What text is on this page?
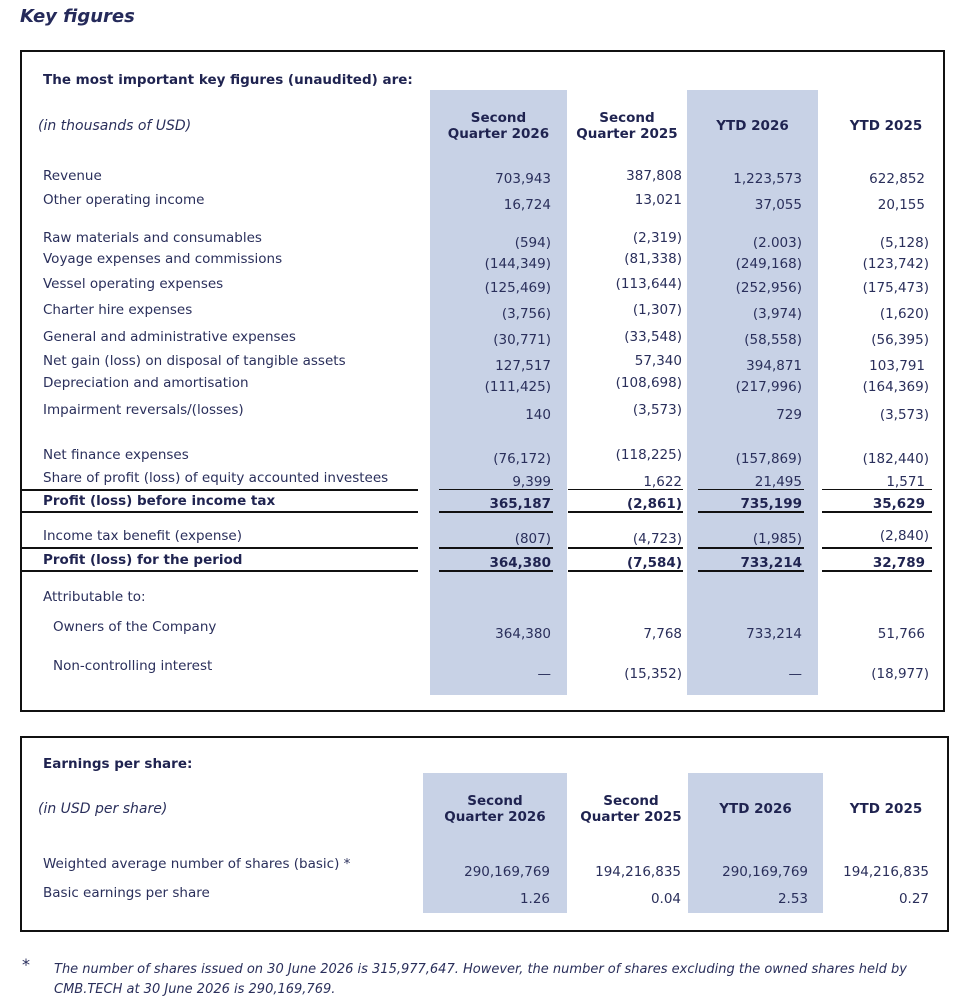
Key figures
The most important key figures (unaudited) are:
(in thousands of USD)	Second
Quarter 2026
Second
Quarter 2025	YTD 2026	YTD 2025
Revenue	703,943	387,808	1,223,573	622,852
Other operating income	16,724	13,021	37,055	20,155
Raw materials and consumables	(594)	(2,319)	(2.003)	(5,128)
Voyage expenses and commissions	(144,349)	(81,338)	(249,168)	(123,742)
Vessel operating expenses	(125,469)	(113,644)	(252,956)	(175,473)
Charter hire expenses	(3,756)	(1,307)	(3,974)	(1,620)
General and administrative expenses	(30,771)	(33,548)	(58,558)	(56,395)
Net gain (loss) on disposal of tangible assets	127,517	57,340	394,871	103,791
Depreciation and amortisation	(111,425)	(108,698)	(217,996)	(164,369)
Impairment reversals/(losses)	140	(3,573)	729	(3,573)
Net finance expenses	(76,172)	(118,225)	(157,869)	(182,440)
Share of profit (loss) of equity accounted investees	9,399	1,622	21,495	1,571
Profit (loss) before income tax	365,187	(2,861)	735,199	35,629
Income tax benefit (expense)	(807)	(4,723)	(1,985)	(2,840)
Profit (loss) for the period	364,380	(7,584)	733,214	32,789
Attributable to:
Owners of the Company	364,380	7,768	733,214	51,766
Non-controlling interest	—	(15,352)	—	(18,977)
Earnings per share:
(in USD per share)	Second
Quarter 2026
Second
Quarter 2025	YTD 2026	YTD 2025
Weighted average number of shares (basic) *	290,169,769	194,216,835	290,169,769	194,216,835
Basic earnings per share	1.26	0.04	2.53	0.27
* The number of shares issued on 30 June 2026 is 315,977,647. However, the number of shares excluding the owned shares held by CMB.TECH at 30 June 2026 is 290,169,769.
